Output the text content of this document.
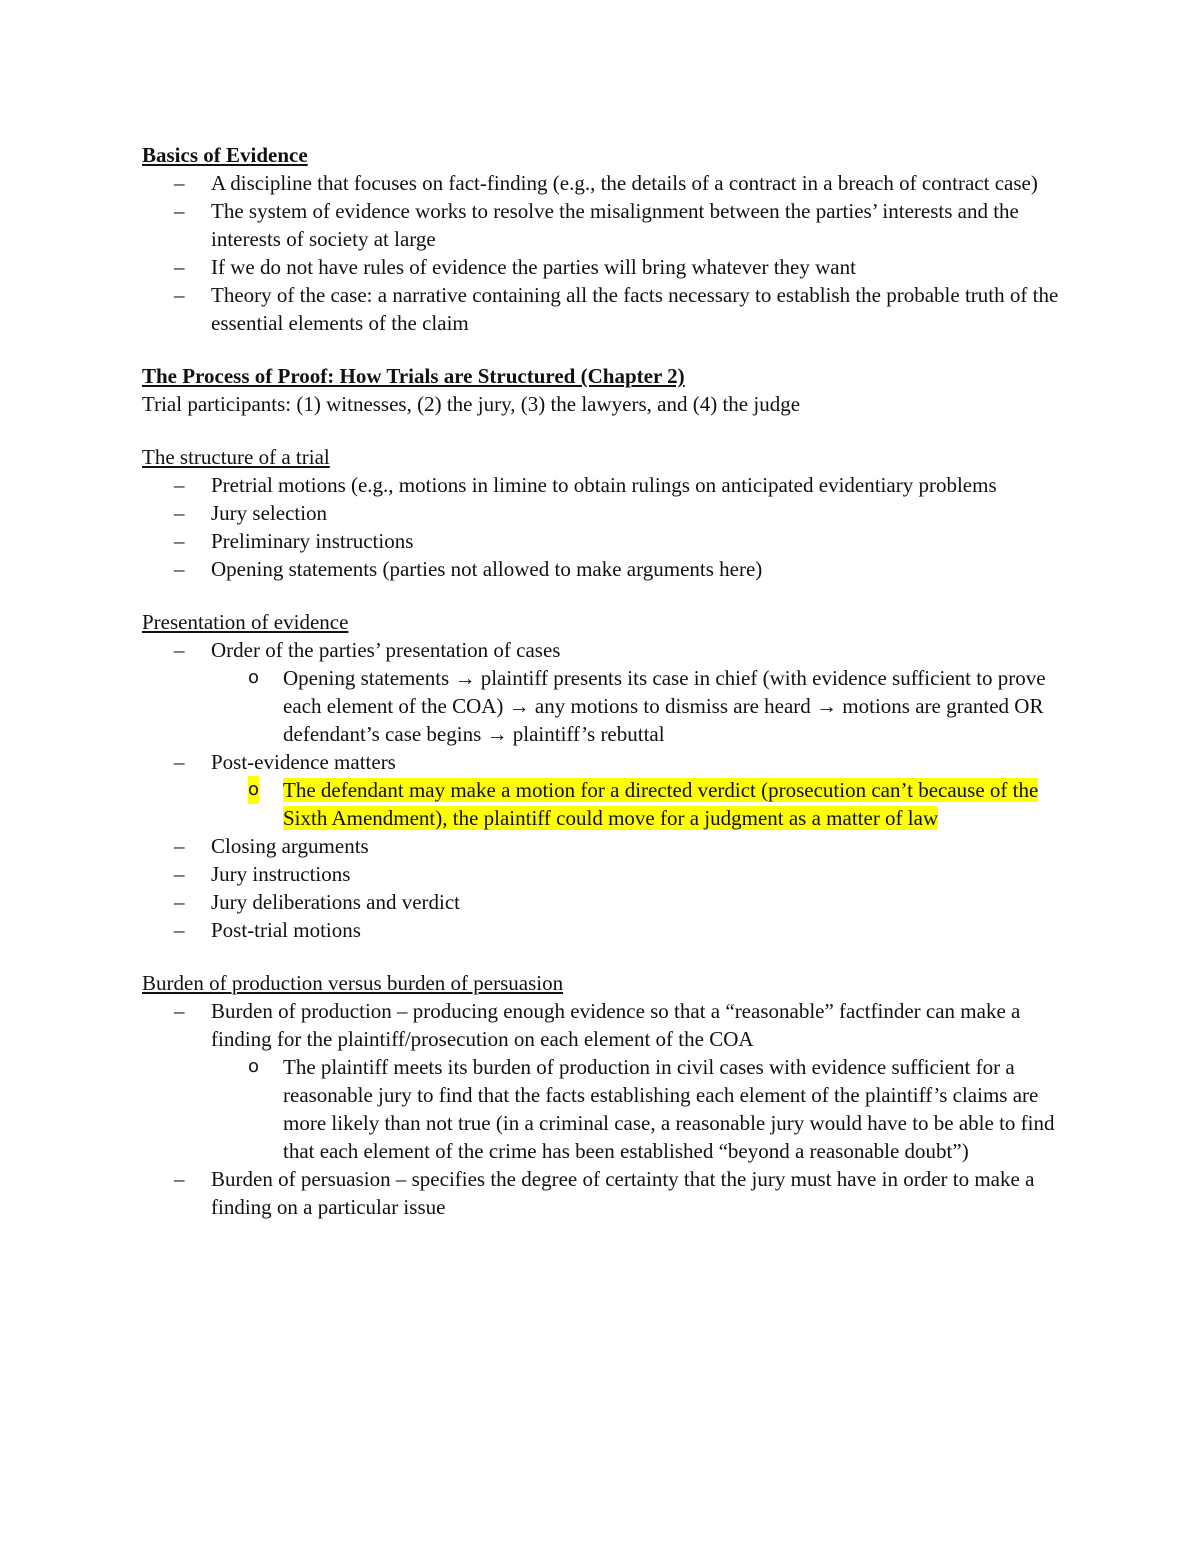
Basics of Evidence

– A discipline that focuses on fact-finding (e.g., the details of a contract in a breach of contract case)
– The system of evidence works to resolve the misalignment between the parties’ interests and the interests of society at large
– If we do not have rules of evidence the parties will bring whatever they want
– Theory of the case: a narrative containing all the facts necessary to establish the probable truth of the essential elements of the claim

The Process of Proof: How Trials are Structured (Chapter 2)

Trial participants: (1) witnesses, (2) the jury, (3) the lawyers, and (4) the judge

The structure of a trial

– Pretrial motions (e.g., motions in limine to obtain rulings on anticipated evidentiary problems
– Jury selection
– Preliminary instructions
– Opening statements (parties not allowed to make arguments here)

Presentation of evidence

– Order of the parties’ presentation of cases
o Opening statements → plaintiff presents its case in chief (with evidence sufficient to prove each element of the COA) → any motions to dismiss are heard → motions are granted OR defendant’s case begins → plaintiff’s rebuttal
– Post-evidence matters
o The defendant may make a motion for a directed verdict (prosecution can’t because of the Sixth Amendment), the plaintiff could move for a judgment as a matter of law
– Closing arguments
– Jury instructions
– Jury deliberations and verdict
– Post-trial motions

Burden of production versus burden of persuasion

– Burden of production – producing enough evidence so that a “reasonable” factfinder can make a finding for the plaintiff/prosecution on each element of the COA
o The plaintiff meets its burden of production in civil cases with evidence sufficient for a reasonable jury to find that the facts establishing each element of the plaintiff’s claims are more likely than not true (in a criminal case, a reasonable jury would have to be able to find that each element of the crime has been established “beyond a reasonable doubt”)
– Burden of persuasion – specifies the degree of certainty that the jury must have in order to make a finding on a particular issue
